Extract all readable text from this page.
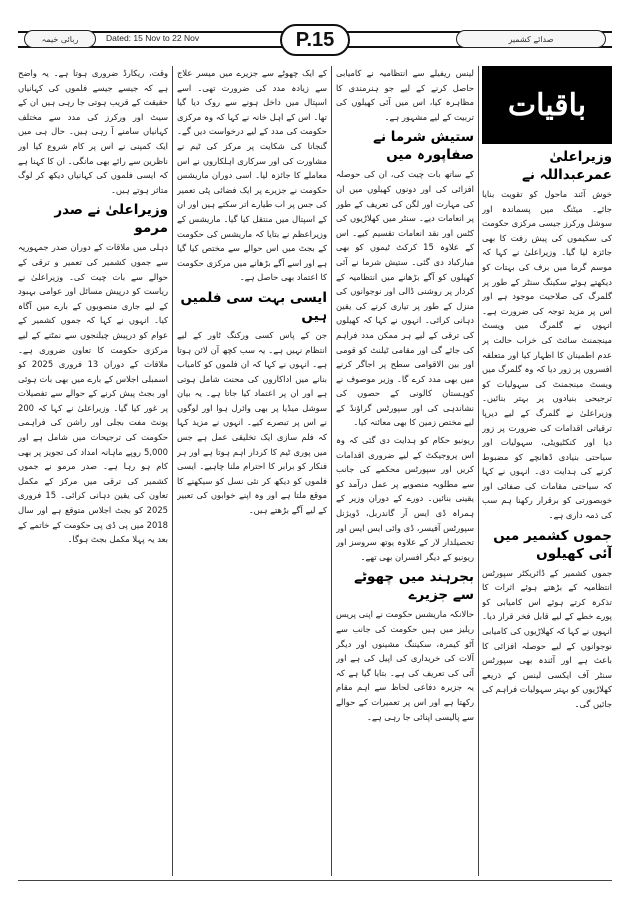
ربائی خیمہ	Dated: 15 Nov to 22 Nov	P.15	صدائے کشمیر
باقیات
وزیراعلیٰ عمرعبداللہ نے

خوش آئند ماحول کو تقویت بنایا جائے۔ میٹنگ میں پسماندہ اور سوشل ورکرز جیسی مرکزی حکومت کی سکیموں کی پیش رفت کا بھی جائزہ لیا گیا۔ وزیراعلیٰ نے کہا کہ موسم گرما میں برف کی بہتات کو دیکھتے ہوئے سکینگ سنٹر کے طور پر گلمرگ کی صلاحیت موجود ہے اور اس پر مزید توجہ کی ضرورت ہے۔ انہوں نے گلمرگ میں ویسٹ مینجمنٹ سائٹ کی خراب حالت پر عدم اطمینان کا اظہار کیا اور متعلقہ افسروں پر زور دیا کہ وہ گلمرگ میں ویسٹ مینجمنٹ کی سہولیات کو ترجیحی بنیادوں پر بہتر بنائیں۔ وزیراعلیٰ نے گلمرگ کے لیے دیرپا ترقیاتی اقدامات کی ضرورت پر زور دیا اور کنکٹیویٹی، سہولیات اور سیاحتی بنیادی ڈھانچے کو مضبوط کرنے کی ہدایت دی۔ انہوں نے کہا کہ سیاحتی مقامات کی صفائی اور خوبصورتی کو برقرار رکھنا ہم سب کی ذمہ داری ہے۔

جموں کشمیر میں آئی کھیلوں

جموں کشمیر کے ڈائریکٹر سپورٹس انتظامیہ کے بڑھتے ہوئے اثرات کا تذکرہ کرتے ہوئے اس کامیابی کو پورے خطے کے لیے قابل فخر قرار دیا۔ انہوں نے کہا کہ کھلاڑیوں کی کامیابی نوجوانوں کے لیے حوصلہ افزائی کا باعث ہے اور آئندہ بھی سپورٹس سنٹر آف ایکسی لینس کے ذریعے کھلاڑیوں کو بہتر سہولیات فراہم کی جائیں گی۔

لینس ریفیلے سے انتظامیہ نے کامیابی حاصل کرنے کے لیے جو ہنرمندی کا مظاہرہ کیا، اس میں آئی کھیلوں کی تربیت کے لیے مشہور ہے۔

ستیش شرما نے صفاپورہ میں

کے ساتھ بات چیت کی، ان کی حوصلہ افزائی کی اور دونوں کھیلوں میں ان کی مہارت اور لگن کی تعریف کے طور پر انعامات دیے۔ سنٹر میں کھلاڑیوں کی کٹس اور نقد انعامات تقسیم کیے۔ اس کے علاوہ 15 کرکٹ ٹیموں کو بھی مبارکباد دی گئی۔ ستیش شرما نے آئی کھیلوں کو آگے بڑھانے میں انتظامیہ کے کردار پر روشنی ڈالی اور نوجوانوں کی منزل کے طور پر تیاری کرنے کی یقین دہانی کرائی۔ انہوں نے کہا کہ کھیلوں کی ترقی کے لیے ہر ممکن مدد فراہم کی جائے گی اور مقامی ٹیلنٹ کو قومی اور بین الاقوامی سطح پر اجاگر کرنے میں بھی مدد کرے گا۔ وزیر موصوف نے کوہستان کالونی کے حصوں کی نشاندہی کی اور سپورٹس گراؤنڈ کے لیے مختص زمین کا بھی معائنہ کیا۔

ریونیو حکام کو ہدایت دی گئی کہ وہ اس پروجیکٹ کے لیے ضروری اقدامات کریں اور سپورٹس محکمے کی جانب سے مطلوبہ منصوبے پر عمل درآمد کو یقینی بنائیں۔ دورے کے دوران وزیر کے ہمراہ ڈی ایس آر گاندربل، ڈویژنل سپورٹس آفیسر، ڈی وائی ایس ایس اور تحصیلدار لار کے علاوہ یوتھ سروسز اور ریونیو کے دیگر افسران بھی تھے۔

بجرہند میں چھوٹے سے جزیرے

حالانکہ ماریشس حکومت نے اپنی پریس ریلیز میں ہیں حکومت کی جانب سے آٹو کیمرہ، سکیننگ مشینوں اور دیگر آلات کی خریداری کی اپیل کی ہے اور آئی کی تعریف کی ہے۔ بتایا گیا ہے کہ یہ جزیرہ دفاعی لحاظ سے اہم مقام رکھتا ہے اور اس پر تعمیرات کے حوالے سے پالیسی اپنائی جا رہی ہے۔

کے ایک چھوٹے سے جزیرے میں میسر علاج سے زیادہ مدد کی ضرورت تھی۔ اسے اسپتال میں داخل ہونے سے روک دیا گیا تھا۔ اس کے اہل خانہ نے کہا کہ وہ مرکزی حکومت کی مدد کے لیے درخواست دیں گے۔ گنجانا کی شکایت پر مرکز کی ٹیم نے مشاورت کی اور سرکاری اہلکاروں نے اس معاملے کا جائزہ لیا۔ اسی دوران ماریشس حکومت نے جزیرے پر ایک فضائی پٹی تعمیر کی جس پر اب طیارے اتر سکتے ہیں اور ان کے اسپتال میں منتقل کیا گیا۔ ماریشس کے وزیراعظم نے بتایا کہ ماریشس کی حکومت کے بجٹ میں اس حوالے سے مختص کیا گیا ہے اور اسے آگے بڑھانے میں مرکزی حکومت کا اعتماد بھی حاصل ہے۔

ایسی بہت سی فلمیں ہیں

جن کے پاس کسی ورکنگ ٹاور کے لیے انتظام نہیں ہے۔ یہ سب کچھ آن لائن ہوتا ہے۔ انہوں نے کہا کہ ان فلموں کو کامیاب بنانے میں اداکاروں کی محنت شامل ہوتی ہے اور ان پر اعتماد کیا جاتا ہے۔ یہ بیان سوشل میڈیا پر بھی وائرل ہوا اور لوگوں نے اس پر تبصرے کیے۔ انہوں نے مزید کہا کہ فلم سازی ایک تخلیقی عمل ہے جس میں پوری ٹیم کا کردار اہم ہوتا ہے اور ہر فنکار کو برابر کا احترام ملنا چاہیے۔ ایسی فلموں کو دیکھ کر نئی نسل کو سیکھنے کا موقع ملتا ہے اور وہ اپنے خوابوں کی تعبیر کے لیے آگے بڑھتے ہیں۔

وقت، ریکارڈ ضروری ہوتا ہے۔ یہ واضح ہے کہ جیسے جیسے فلموں کی کہانیاں حقیقت کے قریب ہوتی جا رہی ہیں ان کے سیٹ اور ورکرز کی مدد سے مختلف کہانیاں سامنے آ رہی ہیں۔ حال ہی میں ایک کمپنی نے اس پر کام شروع کیا اور ناظرین سے رائے بھی مانگی۔ ان کا کہنا ہے کہ ایسی فلموں کی کہانیاں دیکھ کر لوگ متاثر ہوتے ہیں۔

وزیراعلیٰ نے صدر مرمو

دہلی میں ملاقات کے دوران صدر جمہوریہ سے جموں کشمیر کی تعمیر و ترقی کے حوالے سے بات چیت کی۔ وزیراعلیٰ نے ریاست کو درپیش مسائل اور عوامی بہبود کے لیے جاری منصوبوں کے بارے میں آگاہ کیا۔ انہوں نے کہا کہ جموں کشمیر کے عوام کو درپیش چیلنجوں سے نمٹنے کے لیے مرکزی حکومت کا تعاون ضروری ہے۔ ملاقات کے دوران 13 فروری 2025 کو اسمبلی اجلاس کے بارے میں بھی بات ہوئی اور بجٹ پیش کرنے کے حوالے سے تفصیلات پر غور کیا گیا۔ وزیراعلیٰ نے کہا کہ 200 یونٹ مفت بجلی اور راشن کی فراہمی حکومت کی ترجیحات میں شامل ہے اور 5,000 روپے ماہانہ امداد کی تجویز پر بھی کام ہو رہا ہے۔ صدر مرمو نے جموں کشمیر کی ترقی میں مرکز کے مکمل تعاون کی یقین دہانی کرائی۔ 15 فروری 2025 کو بجٹ اجلاس متوقع ہے اور سال 2018 میں پی ڈی پی حکومت کے خاتمے کے بعد یہ پہلا مکمل بجٹ ہوگا۔
